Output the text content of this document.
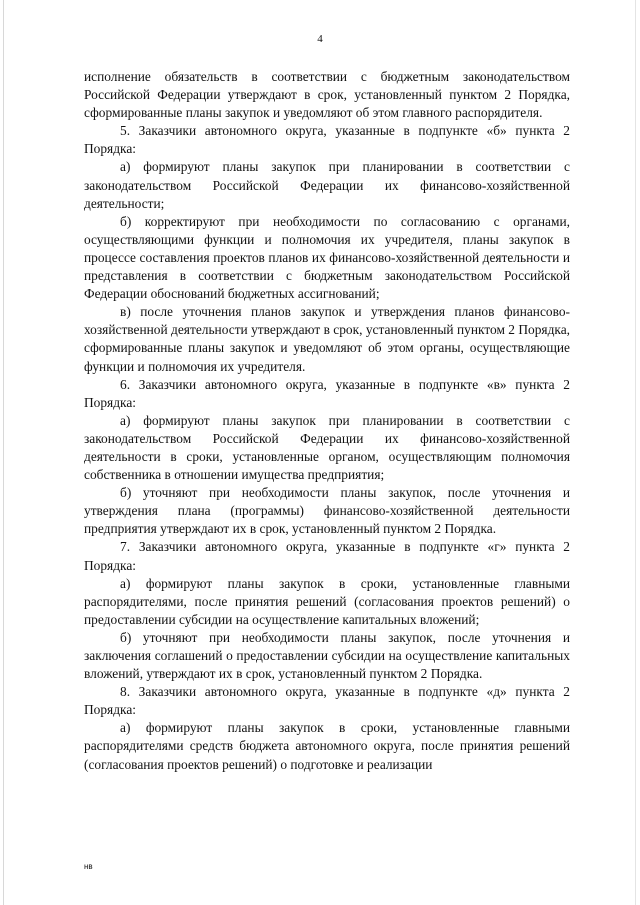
4

исполнение обязательств в соответствии с бюджетным законодательством Российской Федерации утверждают в срок, установленный пунктом 2 Порядка, сформированные планы закупок и уведомляют об этом главного распорядителя.

5. Заказчики автономного округа, указанные в подпункте «б» пункта 2 Порядка:

а) формируют планы закупок при планировании в соответствии с законодательством Российской Федерации их финансово-хозяйственной деятельности;

б) корректируют при необходимости по согласованию с органами, осуществляющими функции и полномочия их учредителя, планы закупок в процессе составления проектов планов их финансово-хозяйственной деятельности и представления в соответствии с бюджетным законодательством Российской Федерации обоснований бюджетных ассигнований;

в) после уточнения планов закупок и утверждения планов финансово-хозяйственной деятельности утверждают в срок, установленный пунктом 2 Порядка, сформированные планы закупок и уведомляют об этом органы, осуществляющие функции и полномочия их учредителя.

6. Заказчики автономного округа, указанные в подпункте «в» пункта 2 Порядка:

а) формируют планы закупок при планировании в соответствии с законодательством Российской Федерации их финансово-хозяйственной деятельности в сроки, установленные органом, осуществляющим полномочия собственника в отношении имущества предприятия;

б) уточняют при необходимости планы закупок, после уточнения и утверждения плана (программы) финансово-хозяйственной деятельности предприятия утверждают их в срок, установленный пунктом 2 Порядка.

7. Заказчики автономного округа, указанные в подпункте «г» пункта 2 Порядка:

а) формируют планы закупок в сроки, установленные главными распорядителями, после принятия решений (согласования проектов решений) о предоставлении субсидии на осуществление капитальных вложений;

б) уточняют при необходимости планы закупок, после уточнения и заключения соглашений о предоставлении субсидии на осуществление капитальных вложений, утверждают их в срок, установленный пунктом 2 Порядка.

8. Заказчики автономного округа, указанные в подпункте «д» пункта 2 Порядка:

а) формируют планы закупок в сроки, установленные главными распорядителями средств бюджета автономного округа, после принятия решений (согласования проектов решений) о подготовке и реализации

нв
